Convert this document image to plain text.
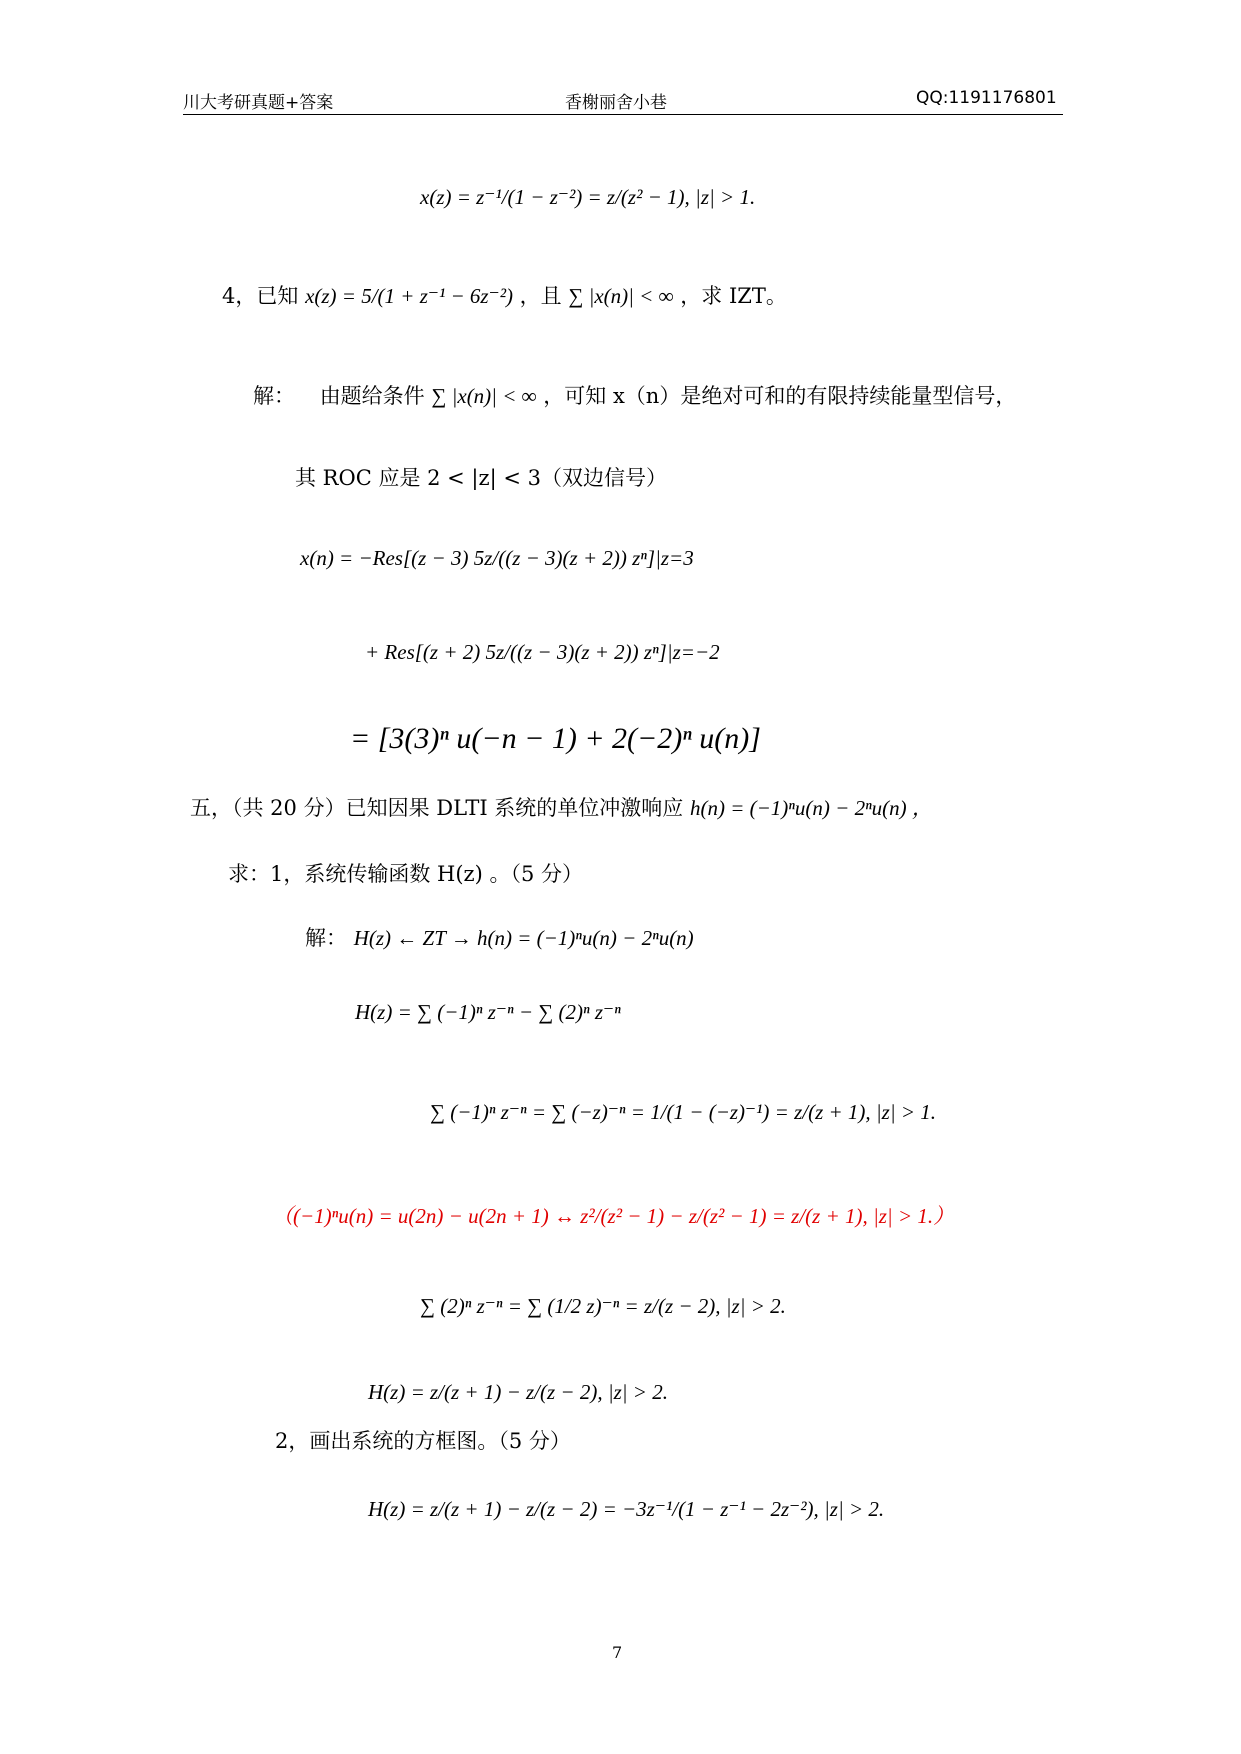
川大考研真题+答案	香榭丽舍小巷	QQ:1191176801
x(z) = z⁻¹/(1 − z⁻²) = z/(z² − 1), |z| > 1.
4，已知 x(z) = 5/(1 + z⁻¹ − 6z⁻²) ，且 ∑ |x(n)| < ∞ ，求 IZT。
解： 由题给条件 ∑ |x(n)| < ∞ ，可知 x（n）是绝对可和的有限持续能量型信号，
其 ROC 应是 2 < |z| < 3（双边信号）
x(n) = −Res[(z − 3) 5z/((z − 3)(z + 2)) zⁿ]|z=3
+ Res[(z + 2) 5z/((z − 3)(z + 2)) zⁿ]|z=−2
= [3(3)ⁿ u(−n − 1) + 2(−2)ⁿ u(n)]
五，（共 20 分）已知因果 DLTI 系统的单位冲激响应 h(n) = (−1)ⁿu(n) − 2ⁿu(n) ，
求：1，系统传输函数 H(z) 。（5 分）
解： H(z) ← ZT → h(n) = (−1)ⁿu(n) − 2ⁿu(n)
H(z) = ∑ (−1)ⁿ z⁻ⁿ − ∑ (2)ⁿ z⁻ⁿ
∑ (−1)ⁿ z⁻ⁿ = ∑ (−z)⁻ⁿ = 1/(1 − (−z)⁻¹) = z/(z + 1), |z| > 1.
（(−1)ⁿu(n) = u(2n) − u(2n + 1) ↔ z²/(z² − 1) − z/(z² − 1) = z/(z + 1), |z| > 1.）
∑ (2)ⁿ z⁻ⁿ = ∑ (1/2 z)⁻ⁿ = z/(z − 2), |z| > 2.
H(z) = z/(z + 1) − z/(z − 2), |z| > 2.
2，画出系统的方框图。（5 分）
H(z) = z/(z + 1) − z/(z − 2) = −3z⁻¹/(1 − z⁻¹ − 2z⁻²), |z| > 2.
7
